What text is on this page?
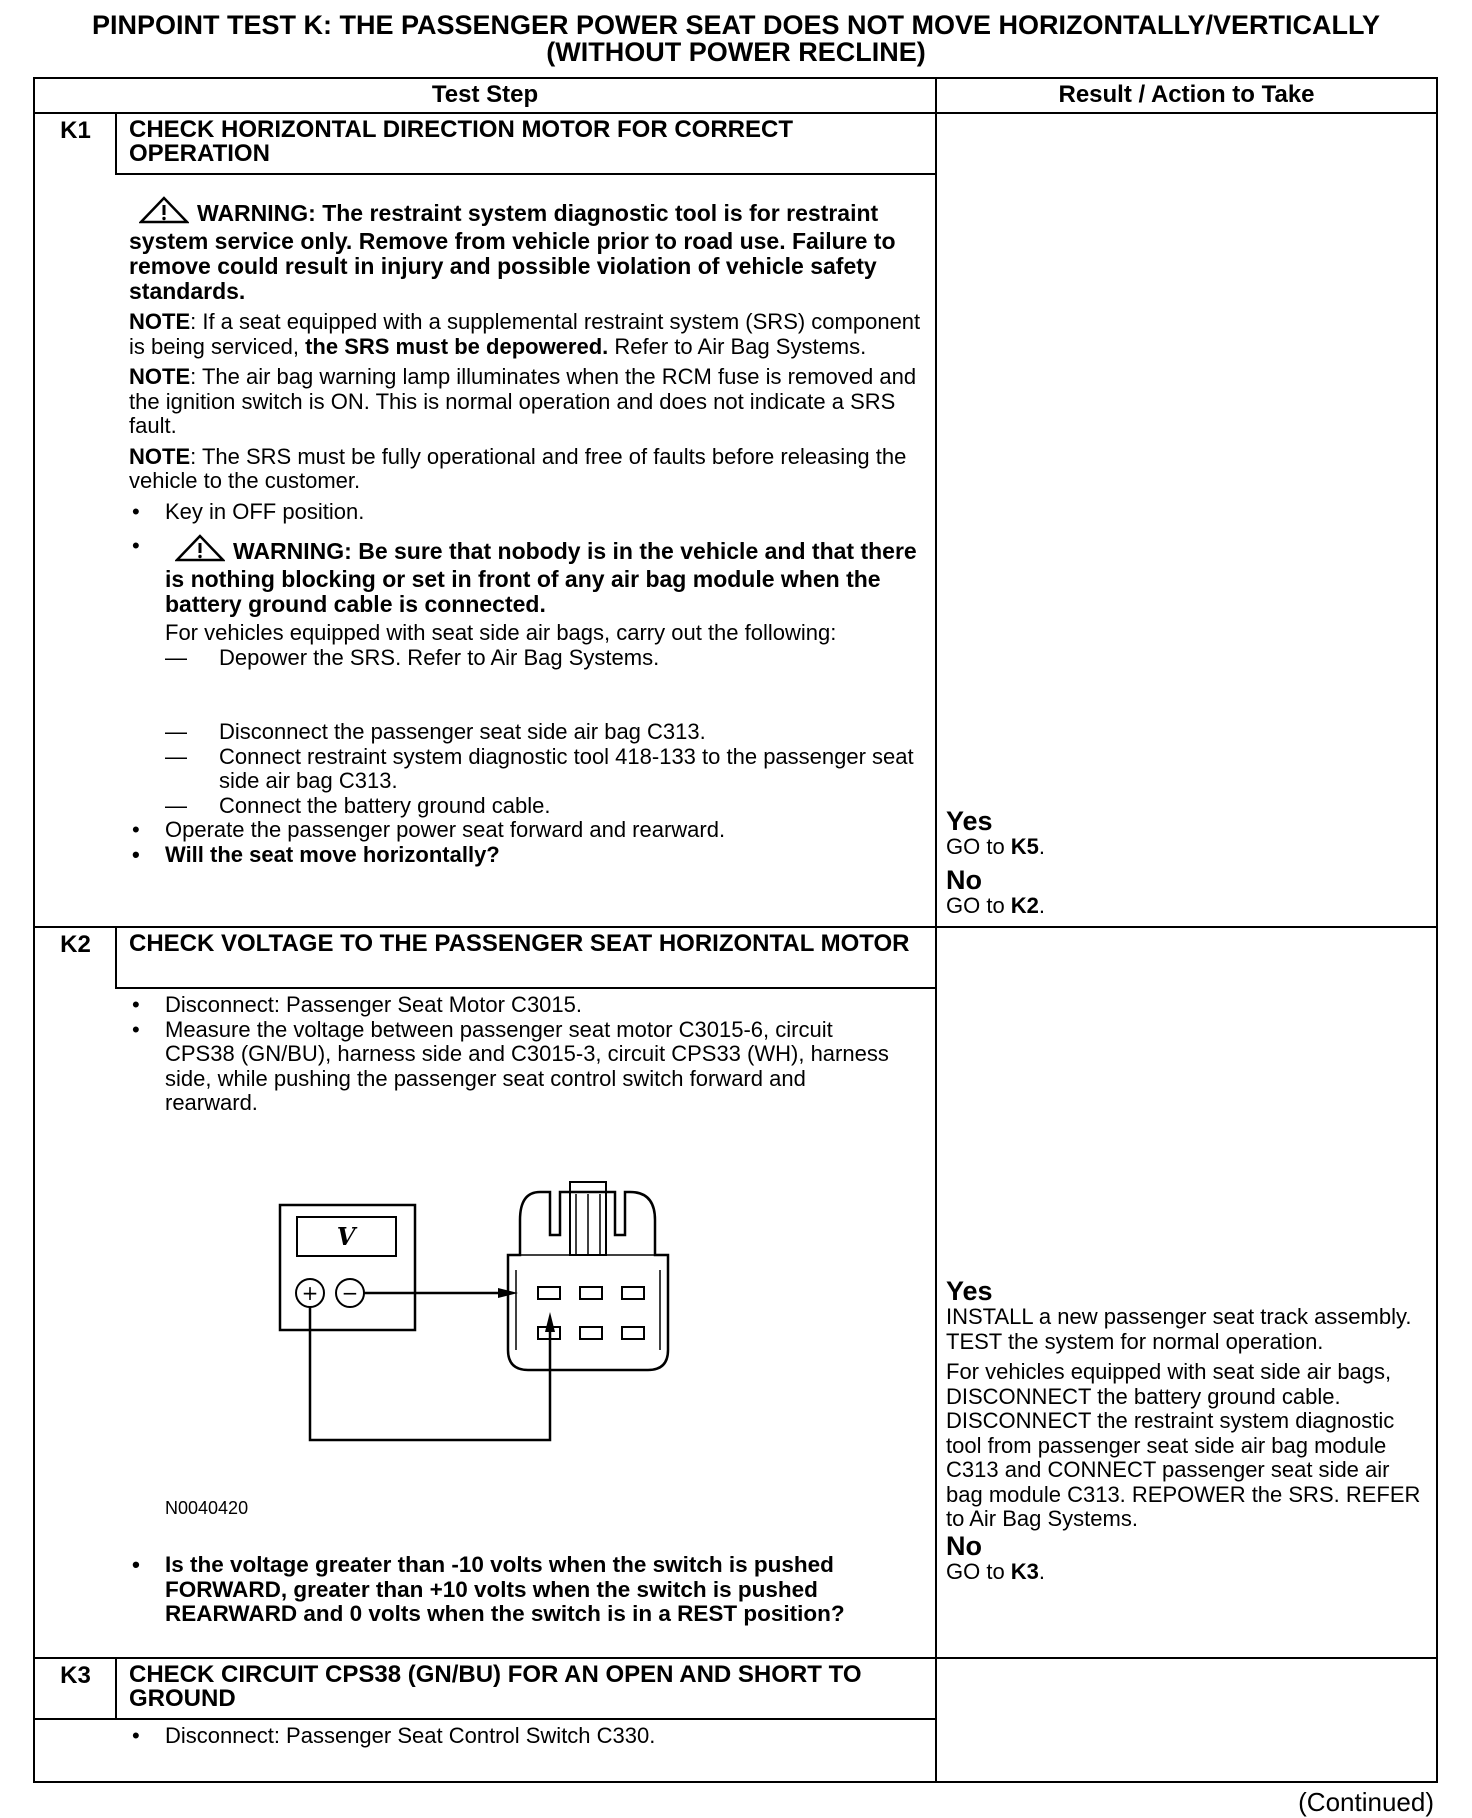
PINPOINT TEST K: THE PASSENGER POWER SEAT DOES NOT MOVE HORIZONTALLY/VERTICALLY
(WITHOUT POWER RECLINE)
Test Step	Result / Action to Take
K1	CHECK HORIZONTAL DIRECTION MOTOR FOR CORRECT OPERATION

WARNING: The restraint system diagnostic tool is for restraint system service only. Remove from vehicle prior to road use. Failure to remove could result in injury and possible violation of vehicle safety standards.

NOTE: If a seat equipped with a supplemental restraint system (SRS) component is being serviced, the SRS must be depowered. Refer to Air Bag Systems.

NOTE: The air bag warning lamp illuminates when the RCM fuse is removed and the ignition switch is ON. This is normal operation and does not indicate a SRS fault.

NOTE: The SRS must be fully operational and free of faults before releasing the vehicle to the customer.

• Key in OFF position.

• WARNING: Be sure that nobody is in the vehicle and that there is nothing blocking or set in front of any air bag module when the battery ground cable is connected.

For vehicles equipped with seat side air bags, carry out the following:

— Depower the SRS. Refer to Air Bag Systems.

— Disconnect the passenger seat side air bag C313.

— Connect restraint system diagnostic tool 418-133 to the passenger seat side air bag C313.

— Connect the battery ground cable.

• Operate the passenger power seat forward and rearward.

• Will the seat move horizontally?

Yes

GO to K5.

No

GO to K2.

K2	CHECK VOLTAGE TO THE PASSENGER SEAT HORIZONTAL MOTOR

• Disconnect: Passenger Seat Motor C3015.

• Measure the voltage between passenger seat motor C3015-6, circuit CPS38 (GN/BU), harness side and C3015-3, circuit CPS33 (WH), harness side, while pushing the passenger seat control switch forward and rearward.

V
+ −
N0040420

• Is the voltage greater than -10 volts when the switch is pushed FORWARD, greater than +10 volts when the switch is pushed REARWARD and 0 volts when the switch is in a REST position?

Yes

INSTALL a new passenger seat track assembly. TEST the system for normal operation.

For vehicles equipped with seat side air bags, DISCONNECT the battery ground cable. DISCONNECT the restraint system diagnostic tool from passenger seat side air bag module C313 and CONNECT passenger seat side air bag module C313. REPOWER the SRS. REFER to Air Bag Systems.

No

GO to K3.

K3	CHECK CIRCUIT CPS38 (GN/BU) FOR AN OPEN AND SHORT TO GROUND

• Disconnect: Passenger Seat Control Switch C330.

(Continued)
